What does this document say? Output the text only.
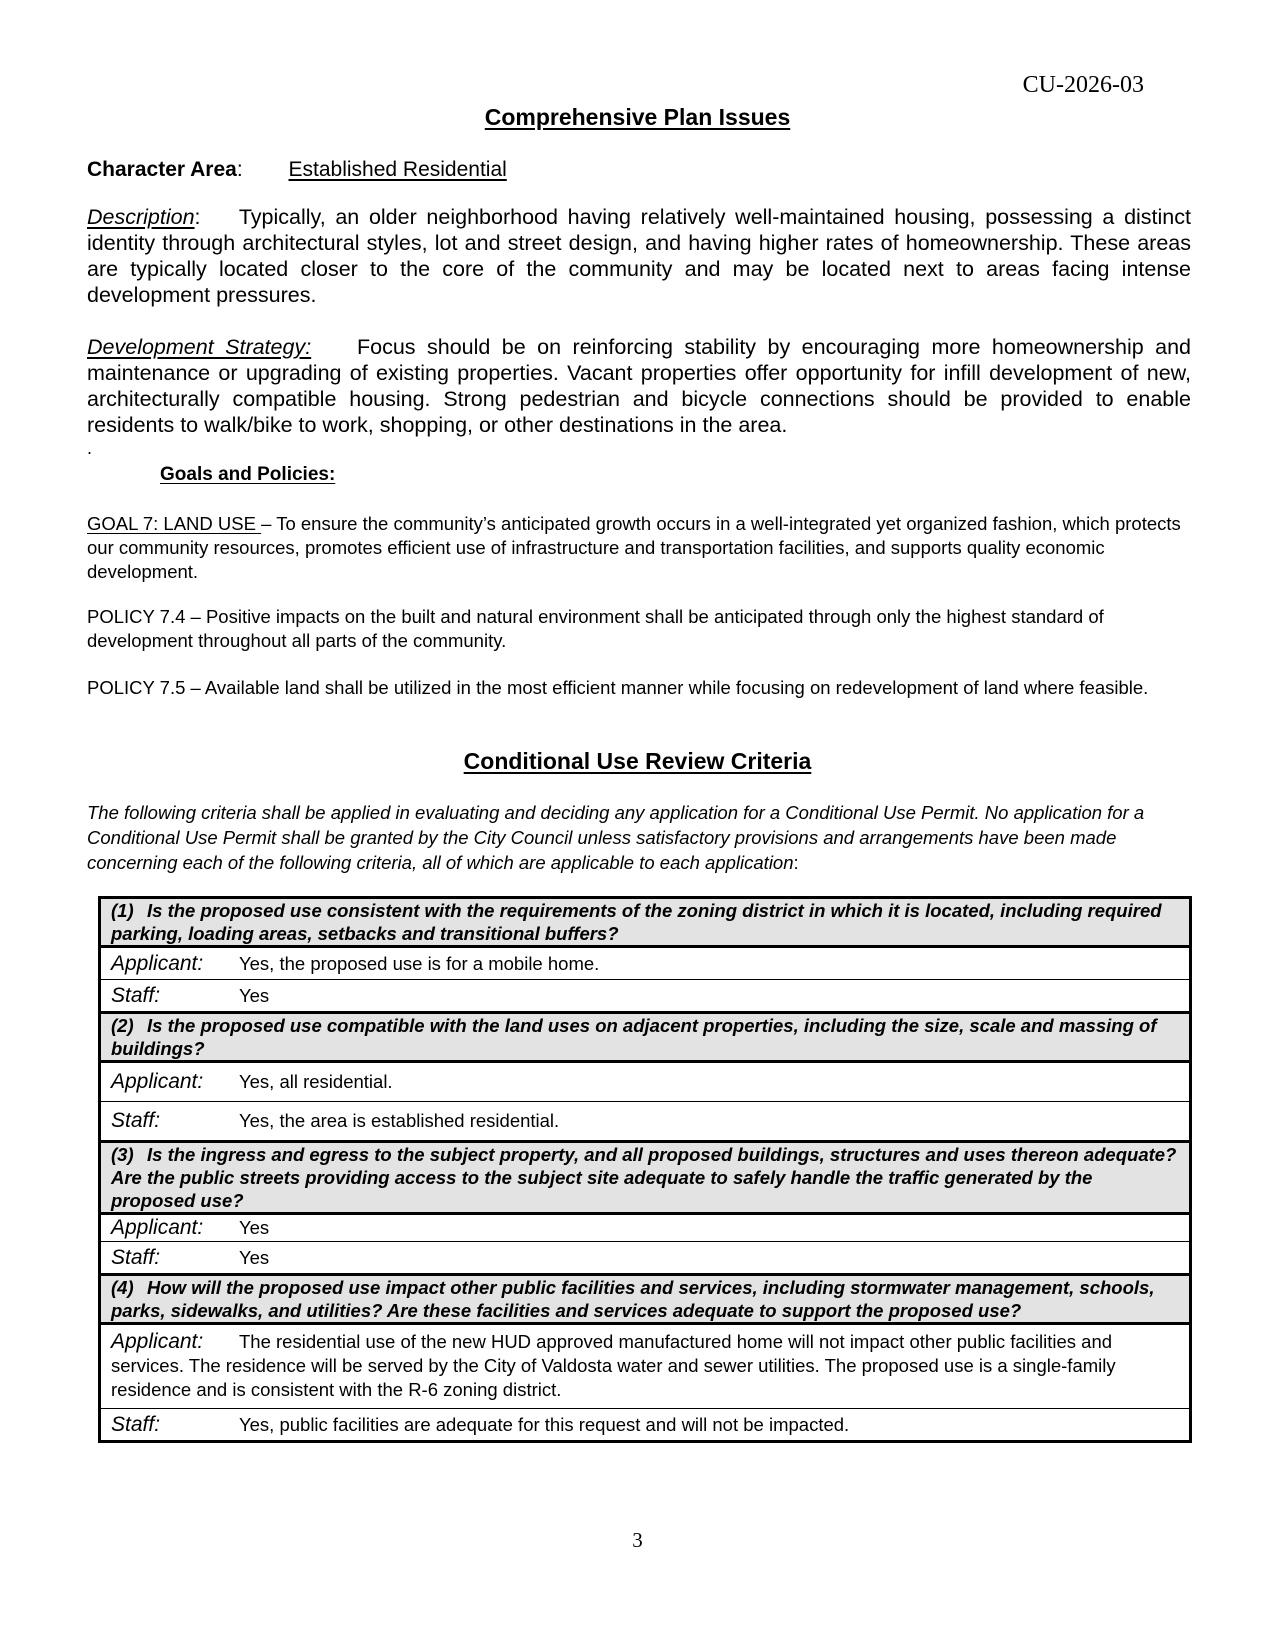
CU-2026-03
Comprehensive Plan Issues
Character Area: Established Residential
Description:    Typically, an older neighborhood having relatively well-maintained housing, possessing a distinct identity through architectural styles, lot and street design, and having higher rates of homeownership. These areas are typically located closer to the core of the community and may be located next to areas facing intense development pressures.
Development Strategy:    Focus should be on reinforcing stability by encouraging more homeownership and maintenance or upgrading of existing properties. Vacant properties offer opportunity for infill development of new, architecturally compatible housing. Strong pedestrian and bicycle connections should be provided to enable residents to walk/bike to work, shopping, or other destinations in the area.
.
Goals and Policies:
GOAL 7: LAND USE – To ensure the community’s anticipated growth occurs in a well-integrated yet organized fashion, which protects our community resources, promotes efficient use of infrastructure and transportation facilities, and supports quality economic development.
POLICY 7.4 – Positive impacts on the built and natural environment shall be anticipated through only the highest standard of development throughout all parts of the community.
POLICY 7.5 – Available land shall be utilized in the most efficient manner while focusing on redevelopment of land where feasible.
Conditional Use Review Criteria
The following criteria shall be applied in evaluating and deciding any application for a Conditional Use Permit. No application for a Conditional Use Permit shall be granted by the City Council unless satisfactory provisions and arrangements have been made concerning each of the following criteria, all of which are applicable to each application:
(1) Is the proposed use consistent with the requirements of the zoning district in which it is located, including required parking, loading areas, setbacks and transitional buffers?
Applicant: Yes, the proposed use is for a mobile home.
Staff:	Yes
(2) Is the proposed use compatible with the land uses on adjacent properties, including the size, scale and massing of buildings?
Applicant: Yes, all residential.
Staff:	Yes, the area is established residential.
(3) Is the ingress and egress to the subject property, and all proposed buildings, structures and uses thereon adequate? Are the public streets providing access to the subject site adequate to safely handle the traffic generated by the proposed use?
Applicant: Yes
Staff:	Yes
(4) How will the proposed use impact other public facilities and services, including stormwater management, schools, parks, sidewalks, and utilities? Are these facilities and services adequate to support the proposed use?
Applicant: The residential use of the new HUD approved manufactured home will not impact other public facilities and services. The residence will be served by the City of Valdosta water and sewer utilities. The proposed use is a single-family residence and is consistent with the R-6 zoning district.
Staff:	Yes, public facilities are adequate for this request and will not be impacted.
3
